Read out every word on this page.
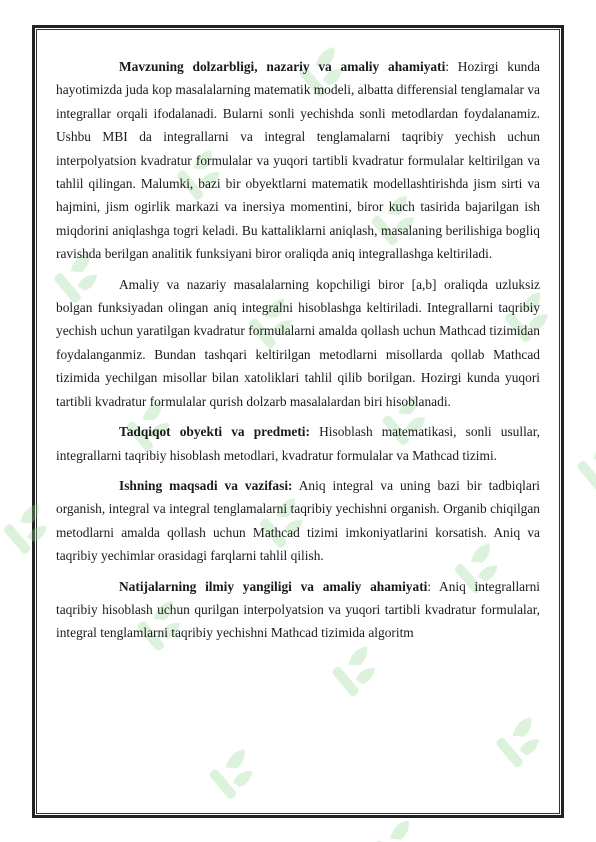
Mavzuning dolzarbligi, nazariy va amaliy ahamiyati: Hozirgi kunda hayotimizda juda kop masalalarning matematik modeli, albatta differensial tenglamalar va integrallar orqali ifodalanadi. Bularni sonli yechishda sonli metodlardan foydalanamiz. Ushbu MBI da integrallarni va integral tenglamalarni taqribiy yechish uchun interpolyatsion kvadratur formulalar va yuqori tartibli kvadratur formulalar keltirilgan va tahlil qilingan. Malumki, bazi bir obyektlarni matematik modellashtirishda jism sirti va hajmini, jism ogirlik markazi va inersiya momentini, biror kuch tasirida bajarilgan ish miqdorini aniqlashga togri keladi. Bu kattaliklarni aniqlash, masalaning berilishiga bogliq ravishda berilgan analitik funksiyani biror oraliqda aniq integrallashga keltiriladi.

Amaliy va nazariy masalalarning kopchiligi biror [a,b] oraliqda uzluksiz bolgan funksiyadan olingan aniq integralni hisoblashga keltiriladi. Integrallarni taqribiy yechish uchun yaratilgan kvadratur formulalarni amalda qollash uchun Mathcad tizimidan foydalanganmiz. Bundan tashqari keltirilgan metodlarni misollarda qollab Mathcad tizimida yechilgan misollar bilan xatoliklari tahlil qilib borilgan. Hozirgi kunda yuqori tartibli kvadratur formulalar qurish dolzarb masalalardan biri hisoblanadi.

Tadqiqot obyekti va predmeti: Hisoblash matematikasi, sonli usullar, integrallarni taqribiy hisoblash metodlari, kvadratur formulalar va Mathcad tizimi.

Ishning maqsadi va vazifasi: Aniq integral va uning bazi bir tadbiqlari organish, integral va integral tenglamalarni taqribiy yechishni organish. Organib chiqilgan metodlarni amalda qollash uchun Mathcad tizimi imkoniyatlarini korsatish. Aniq va taqribiy yechimlar orasidagi farqlarni tahlil qilish.

Natijalarning ilmiy yangiligi va amaliy ahamiyati: Aniq integrallarni taqribiy hisoblash uchun qurilgan interpolyatsion va yuqori tartibli kvadratur formulalar, integral tenglamlarni taqribiy yechishni Mathcad tizimida algoritm
